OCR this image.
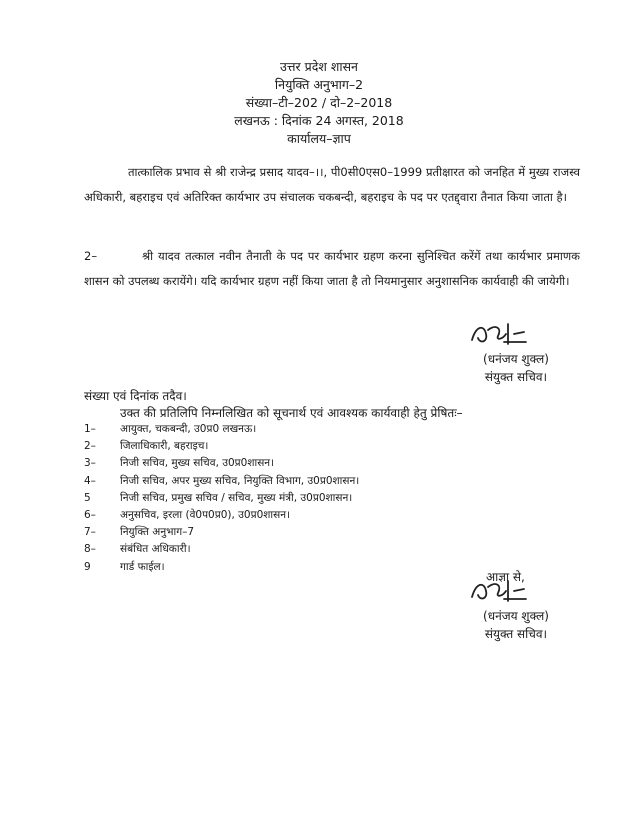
उत्तर प्रदेश शासन
नियुक्ति अनुभाग–2
संख्या–टी–202 / दो–2–2018
लखनऊ : दिनांक 24 अगस्त, 2018
कार्यालय–ज्ञाप
तात्कालिक प्रभाव से श्री राजेन्द्र प्रसाद यादव–।।, पी0सी0एस0–1999 प्रतीक्षारत को जनहित में मुख्य राजस्व अधिकारी, बहराइच एवं अतिरिक्त कार्यभार उप संचालक चकबन्दी, बहराइच के पद पर एतद्द्वारा तैनात किया जाता है।
2–	श्री यादव तत्काल नवीन तैनाती के पद पर कार्यभार ग्रहण करना सुनिश्चित करेंगें तथा कार्यभार प्रमाणक शासन को उपलब्ध करायेंगे। यदि कार्यभार ग्रहण नहीं किया जाता है तो नियमानुसार अनुशासनिक कार्यवाही की जायेगी।
(धनंजय शुक्ल)
संयुक्त सचिव।
संख्या एवं दिनांक तदैव।
उक्त की प्रतिलिपि निम्नलिखित को सूचनार्थ एवं आवश्यक कार्यवाही हेतु प्रेषितः–
1–	आयुक्त, चकबन्दी, उ0प्र0 लखनऊ।
2–	जिलाधिकारी, बहराइच।
3–	निजी सचिव, मुख्य सचिव, उ0प्र0शासन।
4–	निजी सचिव, अपर मुख्य सचिव, नियुक्ति विभाग, उ0प्र0शासन।
5	निजी सचिव, प्रमुख सचिव / सचिव, मुख्य मंत्री, उ0प्र0शासन।
6–	अनुसचिव, इरला (वे0प0प्र0), उ0प्र0शासन।
7–	नियुक्ति अनुभाग–7
8–	संबंधित अधिकारी।
9	गार्ड फाईल।
आज्ञा से,
(धनंजय शुक्ल)
संयुक्त सचिव।
